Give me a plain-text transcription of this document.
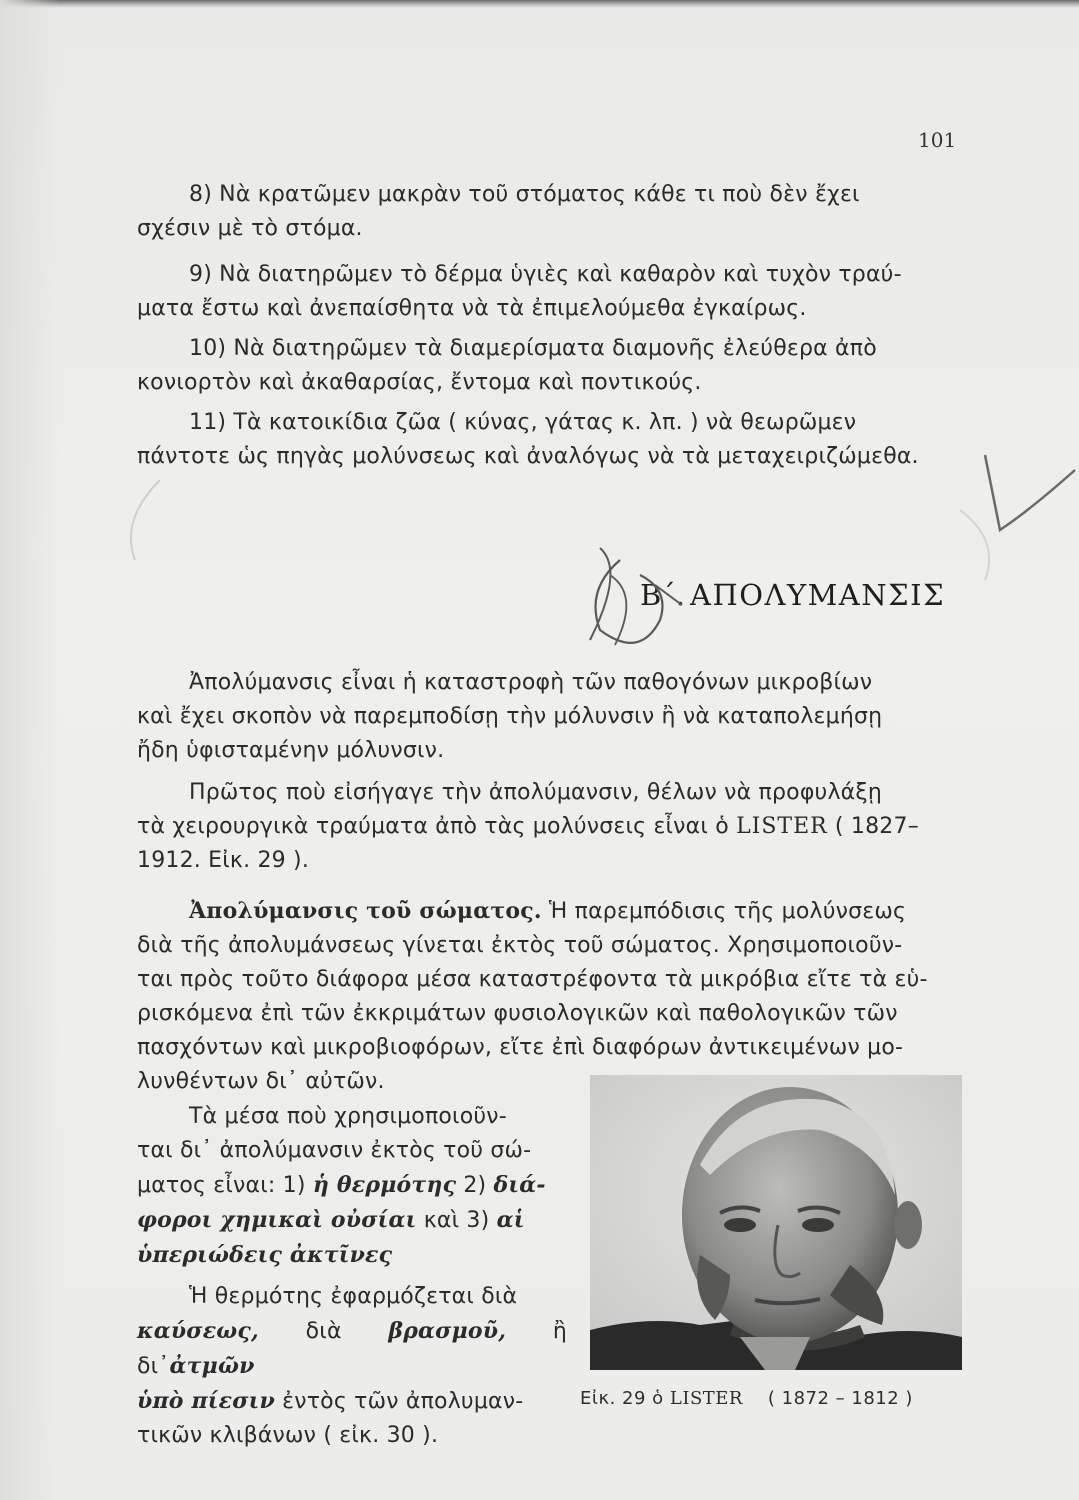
101
8) Νὰ κρατῶμεν μακρὰν τοῦ στόματος κάθε τι ποὺ δὲν ἔχει
σχέσιν μὲ τὸ στόμα.
9) Νὰ διατηρῶμεν τὸ δέρμα ὑγιὲς καὶ καθαρὸν καὶ τυχὸν τραύ-
ματα ἔστω καὶ ἀνεπαίσθητα νὰ τὰ ἐπιμελούμεθα ἐγκαίρως.
10) Νὰ διατηρῶμεν τὰ διαμερίσματα διαμονῆς ἐλεύθερα ἀπὸ
κονιορτὸν καὶ ἀκαθαρσίας, ἔντομα καὶ ποντικούς.
11) Τὰ κατοικίδια ζῶα ( κύνας, γάτας κ. λπ. ) νὰ θεωρῶμεν
πάντοτε ὡς πηγὰς μολύνσεως καὶ ἀναλόγως νὰ τὰ μεταχειριζώμεθα.
Β΄. ΑΠΟΛΥΜΑΝΣΙΣ
Ἀπολύμανσις εἶναι ἡ καταστροφὴ τῶν παθογόνων μικροβίων
καὶ ἔχει σκοπὸν νὰ παρεμποδίσῃ τὴν μόλυνσιν ἢ νὰ καταπολεμήσῃ
ἤδη ὑφισταμένην μόλυνσιν.
Πρῶτος ποὺ εἰσήγαγε τὴν ἀπολύμανσιν, θέλων νὰ προφυλάξῃ
τὰ χειρουργικὰ τραύματα ἀπὸ τὰς μολύνσεις εἶναι ὁ LISTER ( 1827–
1912. Εἰκ. 29 ).
Ἀπολύμανσις τοῦ σώματος. Ἡ παρεμπόδισις τῆς μολύνσεως
διὰ τῆς ἀπολυμάνσεως γίνεται ἐκτὸς τοῦ σώματος. Χρησιμοποιοῦν-
ται πρὸς τοῦτο διάφορα μέσα καταστρέφοντα τὰ μικρόβια εἴτε τὰ εὑ-
ρισκόμενα ἐπὶ τῶν ἐκκριμάτων φυσιολογικῶν καὶ παθολογικῶν τῶν
πασχόντων καὶ μικροβιοφόρων, εἴτε ἐπὶ διαφόρων ἀντικειμένων μο-
λυνθέντων δι᾽ αὐτῶν.
Τὰ μέσα ποὺ χρησιμοποιοῦν-
ται δι᾽ ἀπολύμανσιν ἐκτὸς τοῦ σώ-
ματος εἶναι: 1) ἡ θερμότης 2) διά-
φοροι χημικαὶ οὐσίαι καὶ 3) αἱ
ὑπεριώδεις ἀκτῖνες
Ἡ θερμότης ἐφαρμόζεται διὰ
καύσεως, διὰ βρασμοῦ, ἢ δι᾽ἀτμῶν
ὑπὸ πίεσιν ἐντὸς τῶν ἀπολυμαν-
τικῶν κλιβάνων ( εἰκ. 30 ).
Εἰκ. 29 ὁ LISTER ( 1872 – 1812 )
